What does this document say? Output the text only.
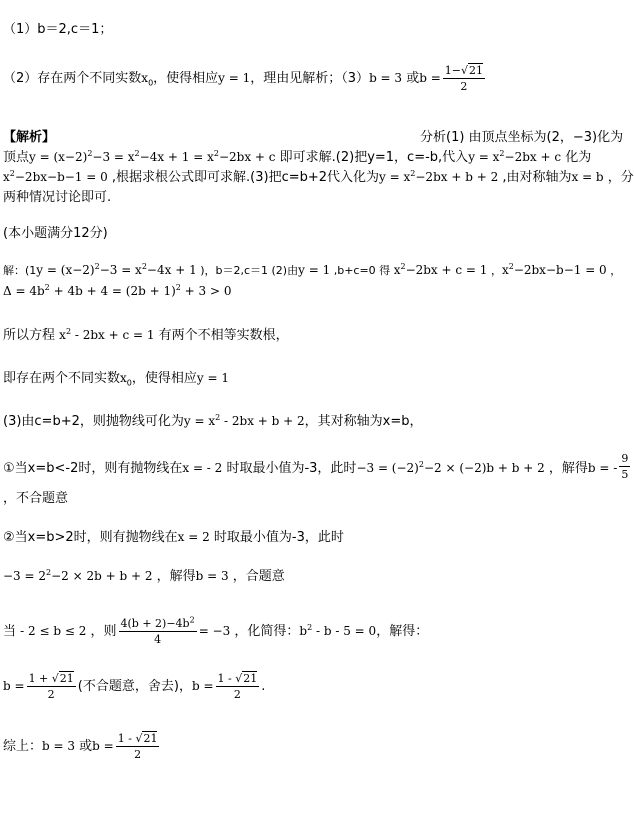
（1）b＝2,c＝1；
（2）存在两个不同实数$x_0$，使得相应y = 1，理由见解析；（3）b = 3 或$b = \frac{1-√21}{2}$
【解析】	分析(1) 由顶点坐标为(2，−3)化为
顶点$y = (x-2)^2-3 = x^2-4x + 1 = x^2-2bx + c$ 即可求解.(2)把y=1，c=-b,代入$y = x^2-2bx + c$ 化为
$x^2-2bx-b-1 = 0$ ,根据求根公式即可求解.(3)把c=b+2代入化为$y = x^2-2bx + b + 2$ ,由对称轴为x = b ，分
两种情况讨论即可.
(本小题满分12分)
解：($1y = (x-2)^2-3 = x^2-4x + 1$ )，b＝2,c＝1 (2)由y = 1 ,b+c=0 得 $x^2-2bx + c = 1$ ，$x^2-2bx-b-1 = 0$ ，
$\Delta = 4b^2 + 4b + 4 = (2b + 1)^2 + 3 > 0$
所以方程 $x^2 - 2bx + c = 1$ 有两个不相等实数根，
即存在两个不同实数$x_0$，使得相应y = 1
(3)由c=b+2，则抛物线可化为$y = x^2 - 2bx + b + 2$，其对称轴为x=b，
①当x=b<-2时，则有抛物线在x = - 2 时取最小值为-3，此时$-3 = (-2)^2-2 \times (-2)b + b + 2$ ，解得b = - $\frac{9}{5}$
，不合题意
②当x=b>2时，则有抛物线在x = 2 时取最小值为-3，此时
$-3 = 2^2-2 \times 2b + b + 2$ ，解得b = 3 ，合题意
当 - 2 ≤ b ≤ 2 ，则 $\frac{4(b + 2)-4b^2}{4} = -3$ ，化简得：$b^2 - b - 5 = 0$，解得：
$b = \frac{1 + √21}{2}$ (不合题意，舍去)，$b = \frac{1 - √21}{2}$ .
综上：b = 3 或$b = \frac{1 - √21}{2}$
